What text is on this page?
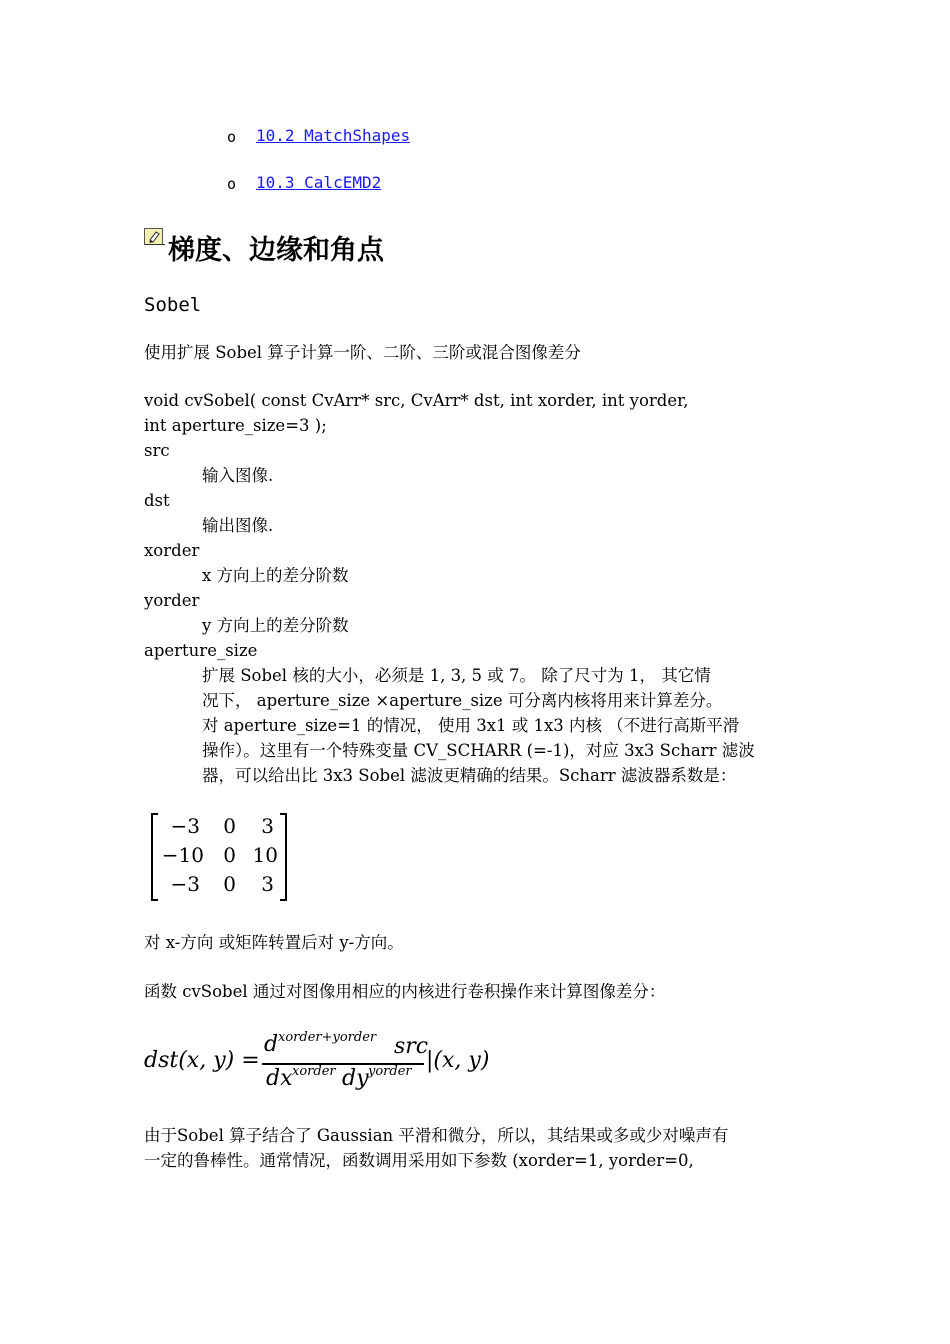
o 10.2 MatchShapes
o 10.3 CalcEMD2
梯度、边缘和角点
Sobel
使用扩展 Sobel 算子计算一阶、二阶、三阶或混合图像差分
void cvSobel( const CvArr* src, CvArr* dst, int xorder, int yorder,
int aperture_size=3 );
src
输入图像.
dst
输出图像.
xorder
x 方向上的差分阶数
yorder
y 方向上的差分阶数
aperture_size
扩展 Sobel 核的大小，必须是 1, 3, 5 或 7。 除了尺寸为 1， 其它情
况下， aperture_size ×aperture_size 可分离内核将用来计算差分。
对 aperture_size=1 的情况， 使用 3x1 或 1x3 内核 （不进行高斯平滑
操作）。这里有一个特殊变量 CV_SCHARR (=-1)，对应 3x3 Scharr 滤波
器，可以给出比 3x3 Sobel 滤波更精确的结果。Scharr 滤波器系数是：
−3	0	3
−10 0 10
−3	0	3
对 x-方向 或矩阵转置后对 y-方向。
函数 cvSobel 通过对图像用相应的内核进行卷积操作来计算图像差分：
dst(x, y) =
d xorder+yorder src
dx xorder dy yorder |(x, y)
由于Sobel 算子结合了 Gaussian 平滑和微分，所以，其结果或多或少对噪声有
一定的鲁棒性。通常情况，函数调用采用如下参数 (xorder=1, yorder=0,
